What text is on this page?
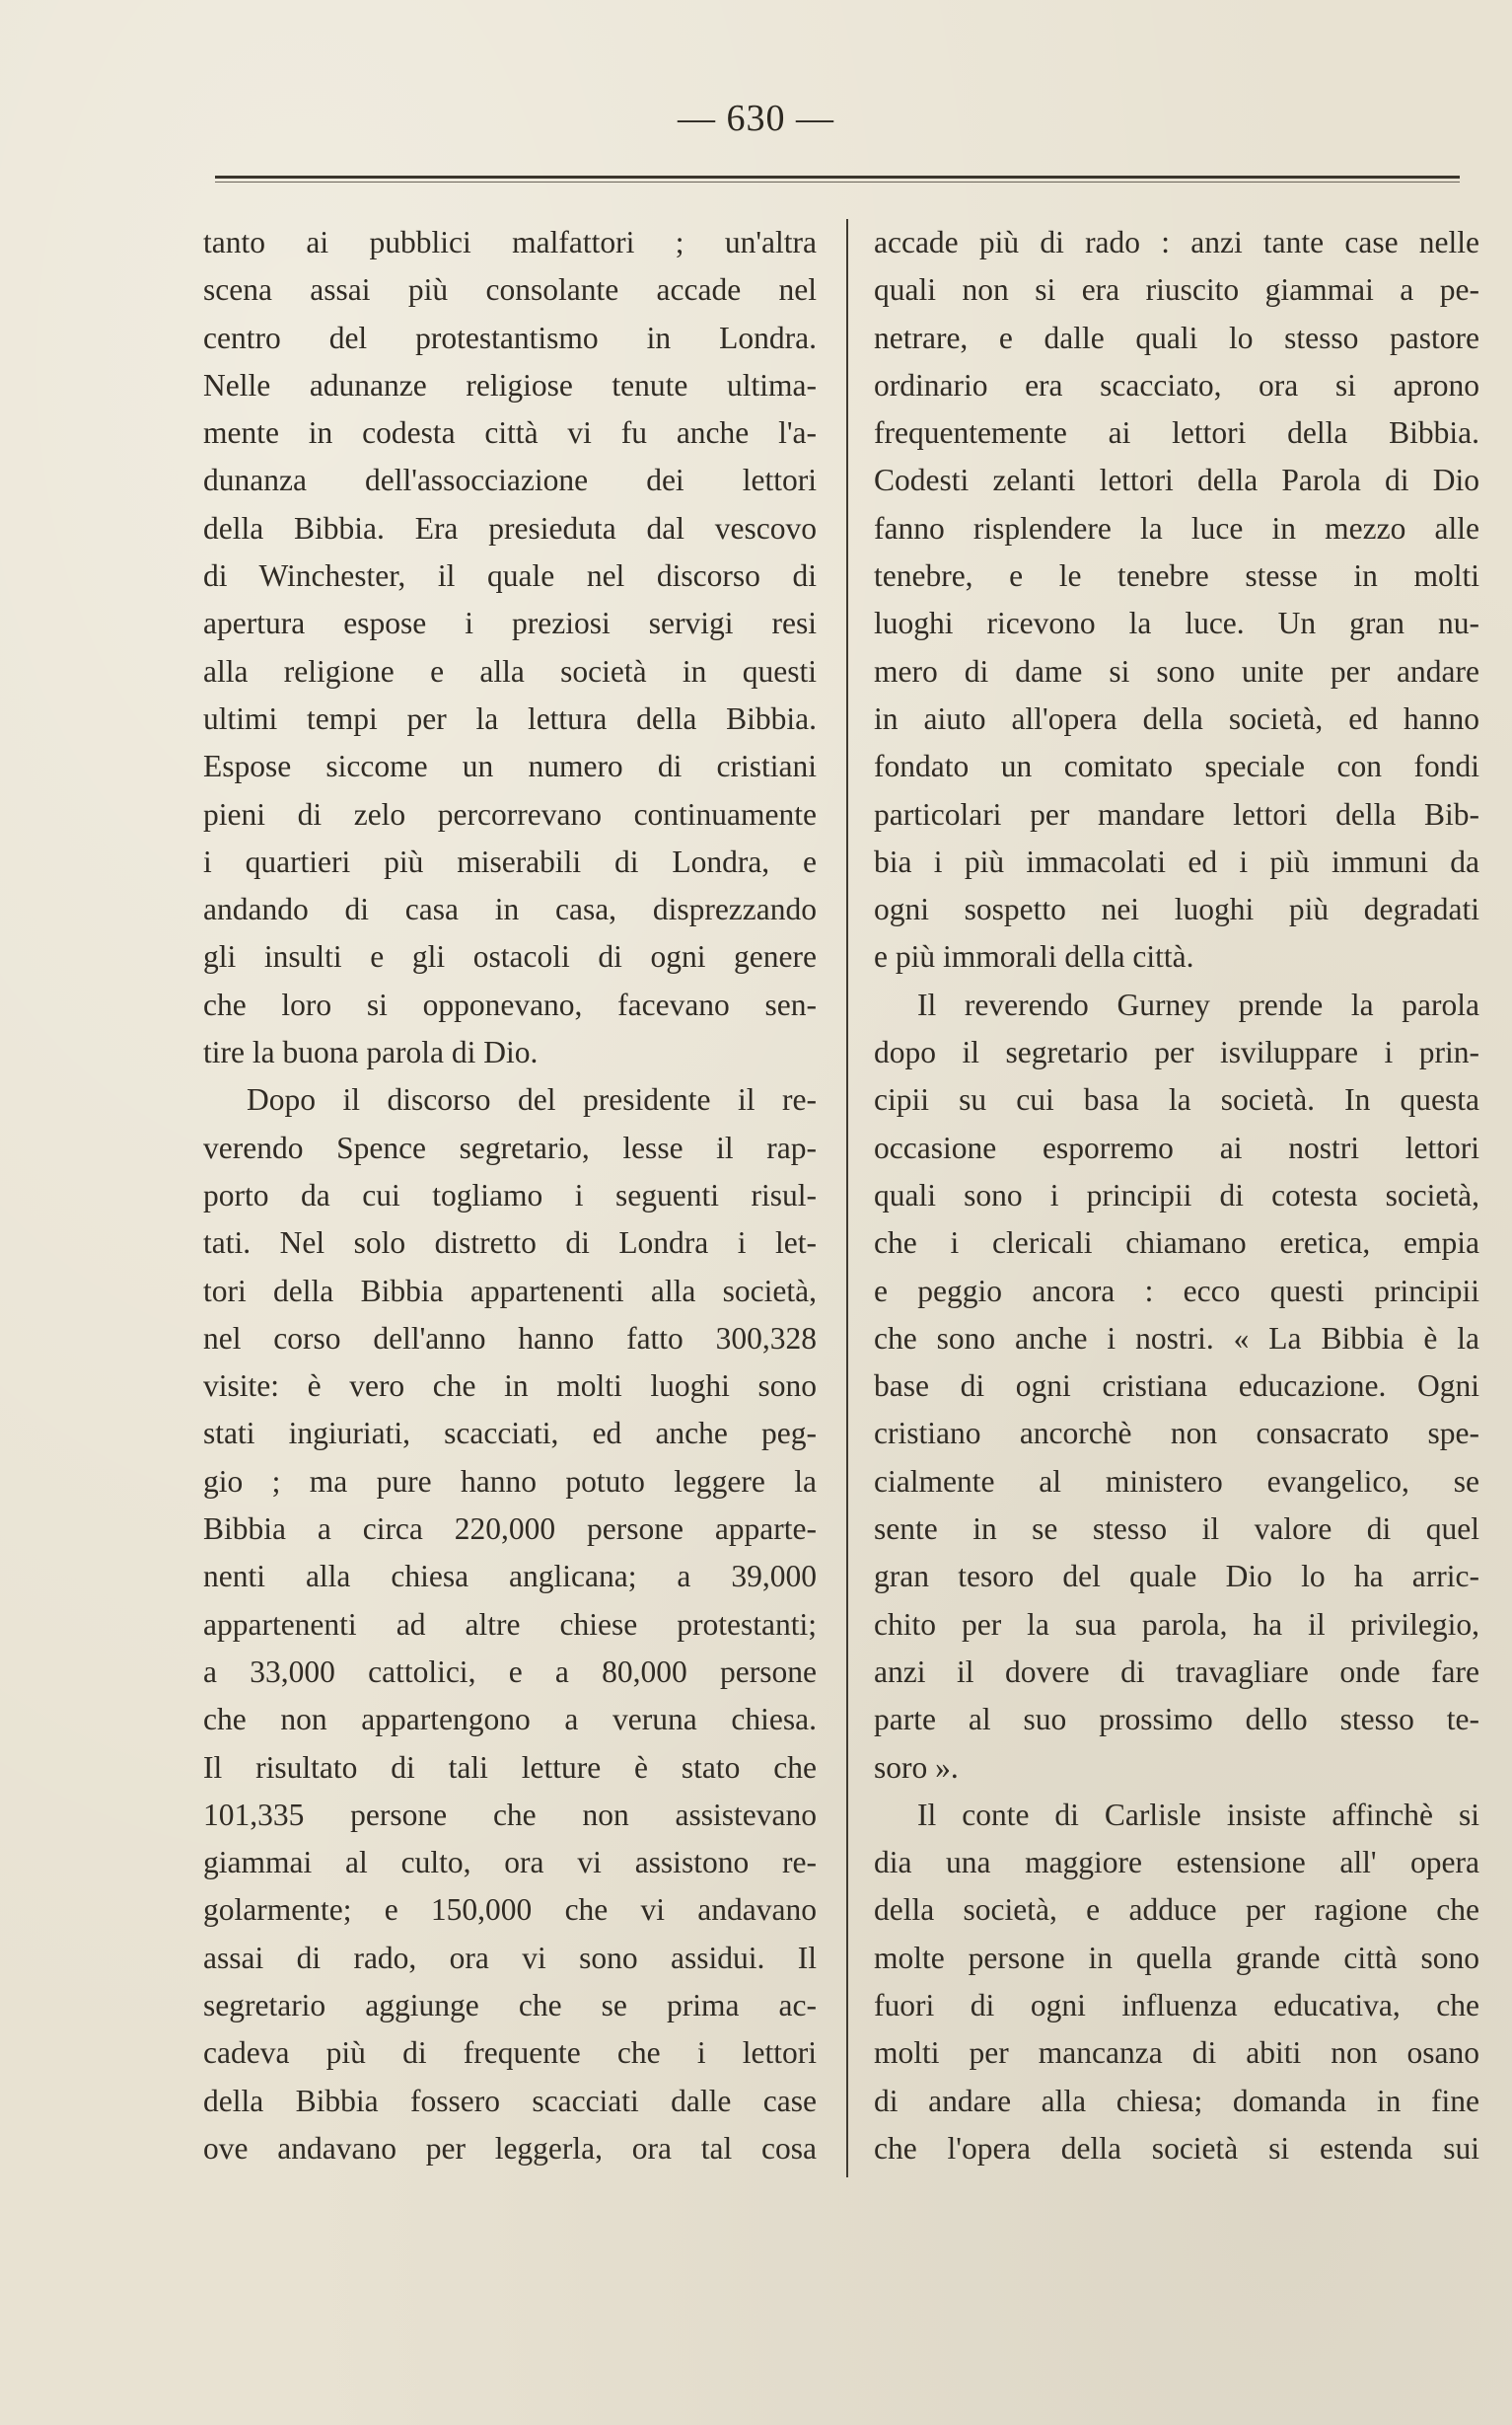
— 630 —
tanto ai pubblici malfattori ; un'altra
scena assai più consolante accade nel
centro del protestantismo in Londra.
Nelle adunanze religiose tenute ultima-
mente in codesta città vi fu anche l'a-
dunanza dell'assocciazione dei lettori
della Bibbia. Era presieduta dal vescovo
di Winchester, il quale nel discorso di
apertura espose i preziosi servigi resi
alla religione e alla società in questi
ultimi tempi per la lettura della Bibbia.
Espose siccome un numero di cristiani
pieni di zelo percorrevano continuamente
i quartieri più miserabili di Londra, e
andando di casa in casa, disprezzando
gli insulti e gli ostacoli di ogni genere
che loro si opponevano, facevano sen-
tire la buona parola di Dio.
Dopo il discorso del presidente il re-
verendo Spence segretario, lesse il rap-
porto da cui togliamo i seguenti risul-
tati. Nel solo distretto di Londra i let-
tori della Bibbia appartenenti alla società,
nel corso dell'anno hanno fatto 300,328
visite: è vero che in molti luoghi sono
stati ingiuriati, scacciati, ed anche peg-
gio ; ma pure hanno potuto leggere la
Bibbia a circa 220,000 persone apparte-
nenti alla chiesa anglicana; a 39,000
appartenenti ad altre chiese protestanti;
a 33,000 cattolici, e a 80,000 persone
che non appartengono a veruna chiesa.
Il risultato di tali letture è stato che
101,335 persone che non assistevano
giammai al culto, ora vi assistono re-
golarmente; e 150,000 che vi andavano
assai di rado, ora vi sono assidui. Il
segretario aggiunge che se prima ac-
cadeva più di frequente che i lettori
della Bibbia fossero scacciati dalle case
ove andavano per leggerla, ora tal cosa
accade più di rado : anzi tante case nelle
quali non si era riuscito giammai a pe-
netrare, e dalle quali lo stesso pastore
ordinario era scacciato, ora si aprono
frequentemente ai lettori della Bibbia.
Codesti zelanti lettori della Parola di Dio
fanno risplendere la luce in mezzo alle
tenebre, e le tenebre stesse in molti
luoghi ricevono la luce. Un gran nu-
mero di dame si sono unite per andare
in aiuto all'opera della società, ed hanno
fondato un comitato speciale con fondi
particolari per mandare lettori della Bib-
bia i più immacolati ed i più immuni da
ogni sospetto nei luoghi più degradati
e più immorali della città.
Il reverendo Gurney prende la parola
dopo il segretario per isviluppare i prin-
cipii su cui basa la società. In questa
occasione esporremo ai nostri lettori
quali sono i principii di cotesta società,
che i clericali chiamano eretica, empia
e peggio ancora : ecco questi principii
che sono anche i nostri. « La Bibbia è la
base di ogni cristiana educazione. Ogni
cristiano ancorchè non consacrato spe-
cialmente al ministero evangelico, se
sente in se stesso il valore di quel
gran tesoro del quale Dio lo ha arric-
chito per la sua parola, ha il privilegio,
anzi il dovere di travagliare onde fare
parte al suo prossimo dello stesso te-
soro ».
Il conte di Carlisle insiste affinchè si
dia una maggiore estensione all' opera
della società, e adduce per ragione che
molte persone in quella grande città sono
fuori di ogni influenza educativa, che
molti per mancanza di abiti non osano
di andare alla chiesa; domanda in fine
che l'opera della società si estenda sui
